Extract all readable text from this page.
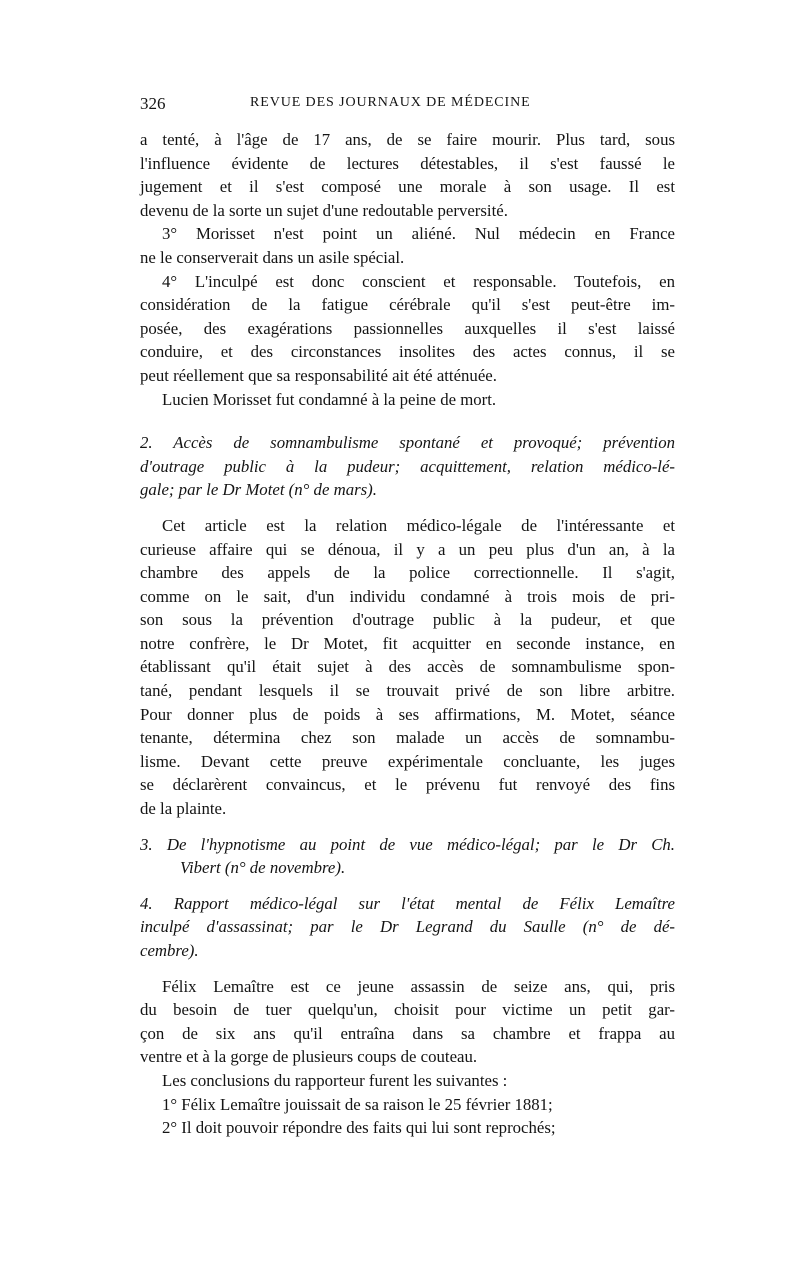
326	REVUE DES JOURNAUX DE MÉDECINE
a tenté, à l'âge de 17 ans, de se faire mourir. Plus tard, sous
l'influence évidente de lectures détestables, il s'est faussé le
jugement et il s'est composé une morale à son usage. Il est
devenu de la sorte un sujet d'une redoutable perversité.
3° Morisset n'est point un aliéné. Nul médecin en France
ne le conserverait dans un asile spécial.
4° L'inculpé est donc conscient et responsable. Toutefois, en
considération de la fatigue cérébrale qu'il s'est peut-être im-
posée, des exagérations passionnelles auxquelles il s'est laissé
conduire, et des circonstances insolites des actes connus, il se
peut réellement que sa responsabilité ait été atténuée.
Lucien Morisset fut condamné à la peine de mort.
2. Accès de somnambulisme spontané et provoqué; prévention
d'outrage public à la pudeur; acquittement, relation médico-lé-
gale; par le Dr Motet (n° de mars).
Cet article est la relation médico-légale de l'intéressante et
curieuse affaire qui se dénoua, il y a un peu plus d'un an, à la
chambre des appels de la police correctionnelle. Il s'agit,
comme on le sait, d'un individu condamné à trois mois de pri-
son sous la prévention d'outrage public à la pudeur, et que
notre confrère, le Dr Motet, fit acquitter en seconde instance, en
établissant qu'il était sujet à des accès de somnambulisme spon-
tané, pendant lesquels il se trouvait privé de son libre arbitre.
Pour donner plus de poids à ses affirmations, M. Motet, séance
tenante, détermina chez son malade un accès de somnambu-
lisme. Devant cette preuve expérimentale concluante, les juges
se déclarèrent convaincus, et le prévenu fut renvoyé des fins
de la plainte.
3. De l'hypnotisme au point de vue médico-légal; par le Dr Ch.
Vibert (n° de novembre).
4. Rapport médico-légal sur l'état mental de Félix Lemaître
inculpé d'assassinat; par le Dr Legrand du Saulle (n° de dé-
cembre).
Félix Lemaître est ce jeune assassin de seize ans, qui, pris
du besoin de tuer quelqu'un, choisit pour victime un petit gar-
çon de six ans qu'il entraîna dans sa chambre et frappa au
ventre et à la gorge de plusieurs coups de couteau.
Les conclusions du rapporteur furent les suivantes :
1° Félix Lemaître jouissait de sa raison le 25 février 1881;
2° Il doit pouvoir répondre des faits qui lui sont reprochés;
